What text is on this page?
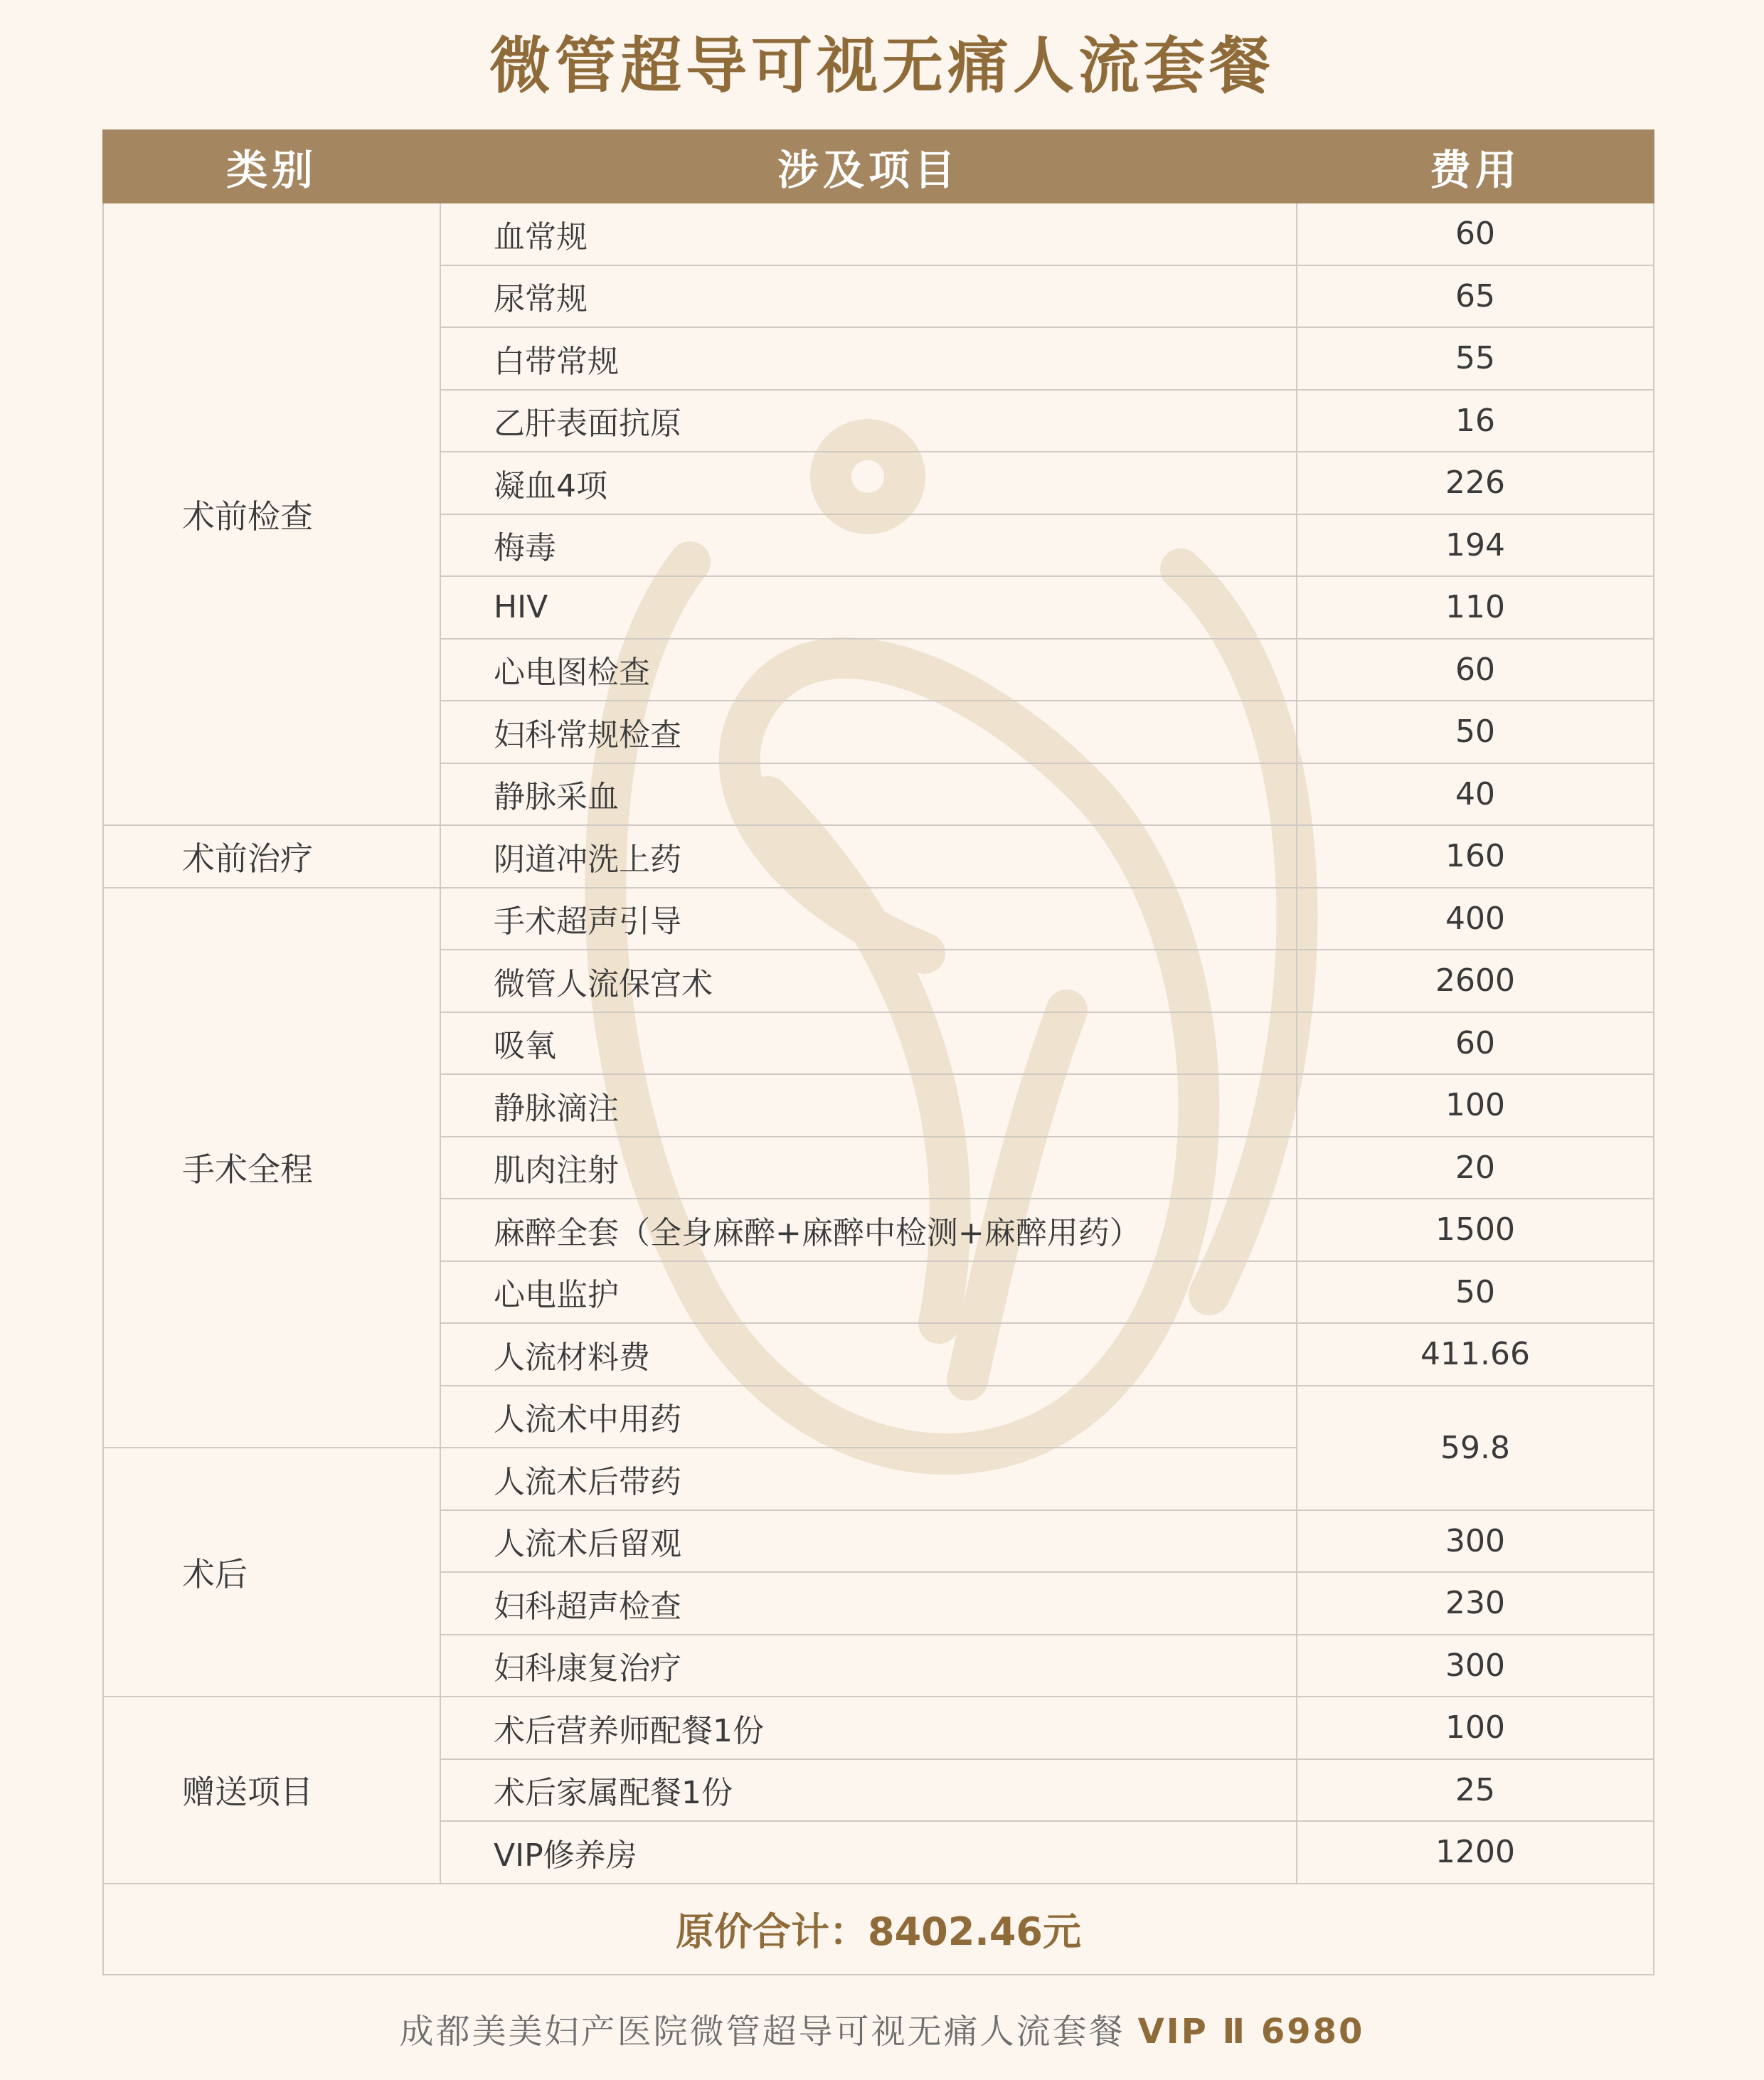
微管超导可视无痛人流套餐
类别	涉及项目	费用
术前检查	血常规	60
	尿常规	65
	白带常规	55
	乙肝表面抗原	16
	凝血4项	226
	梅毒	194
	HIV	110
	心电图检查	60
	妇科常规检查	50
	静脉采血	40
术前治疗	阴道冲洗上药	160
手术全程	手术超声引导	400
	微管人流保宫术	2600
	吸氧	60
	静脉滴注	100
	肌肉注射	20
	麻醉全套（全身麻醉+麻醉中检测+麻醉用药）	1500
	心电监护	50
	人流材料费	411.66
	人流术中用药	59.8
术后	人流术后带药	
	人流术后留观	300
	妇科超声检查	230
	妇科康复治疗	300
赠送项目	术后营养师配餐1份	100
	术后家属配餐1份	25
	VIP修养房	1200
原价合计：8402.46元		
成都美美妇产医院微管超导可视无痛人流套餐 VIP Ⅱ 6980
